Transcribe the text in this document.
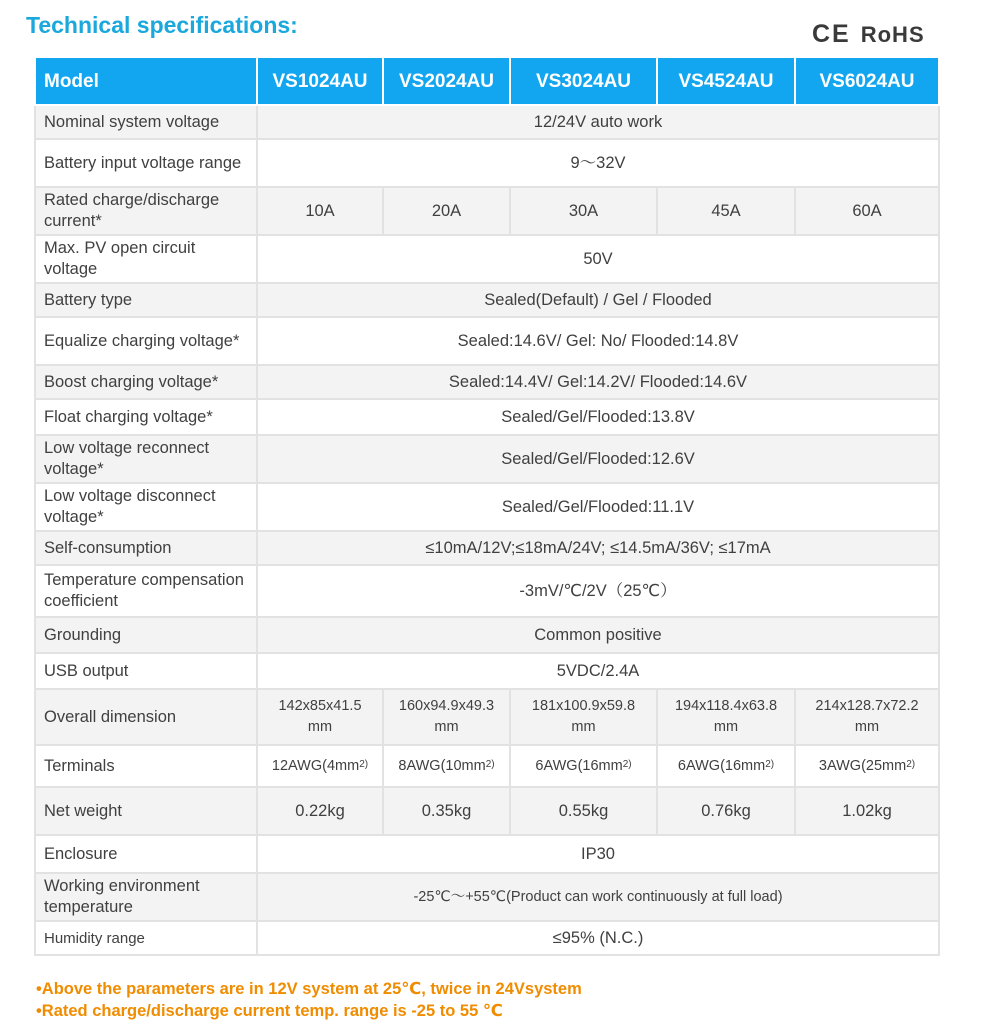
Technical specifications:	CE RoHS
Model	VS1024AU	VS2024AU	VS3024AU	VS4524AU	VS6024AU
Nominal system voltage	12/24V auto work				
Battery input voltage range	9～32V				
Rated charge/discharge current*	10A	20A	30A	45A	60A
Max. PV open circuit voltage	50V				
Battery type	Sealed(Default) / Gel / Flooded				
Equalize charging voltage*	Sealed:14.6V/ Gel: No/ Flooded:14.8V				
Boost charging voltage*	Sealed:14.4V/ Gel:14.2V/ Flooded:14.6V				
Float charging voltage*	Sealed/Gel/Flooded:13.8V				
Low voltage reconnect voltage*	Sealed/Gel/Flooded:12.6V				
Low voltage disconnect voltage*	Sealed/Gel/Flooded:11.1V				
Self-consumption	≤10mA/12V;≤18mA/24V; ≤14.5mA/36V; ≤17mA				
Temperature compensation coefficient	-3mV/℃/2V（25℃）				
Grounding	Common positive				
USB output	5VDC/2.4A				
Overall dimension	142x85x41.5 mm	160x94.9x49.3 mm	181x100.9x59.8 mm	194x118.4x63.8 mm	214x128.7x72.2 mm
Terminals	$12AWG(4mm^{2)}$	$8AWG(10mm^{2)}$	$6AWG(16mm^{2)}$	$6AWG(16mm^{2)}$	$3AWG(25mm^{2)}$
Net weight	0.22kg	0.35kg	0.55kg	0.76kg	1.02kg
Enclosure	IP30				
Working environment temperature	-25℃～+55℃(Product can work continuously at full load)				
Humidity range	≤95% (N.C.)				
•Above the parameters are in 12V system at 25℃, twice in 24Vsystem
•Rated charge/discharge current temp. range is -25 to 55 ℃
